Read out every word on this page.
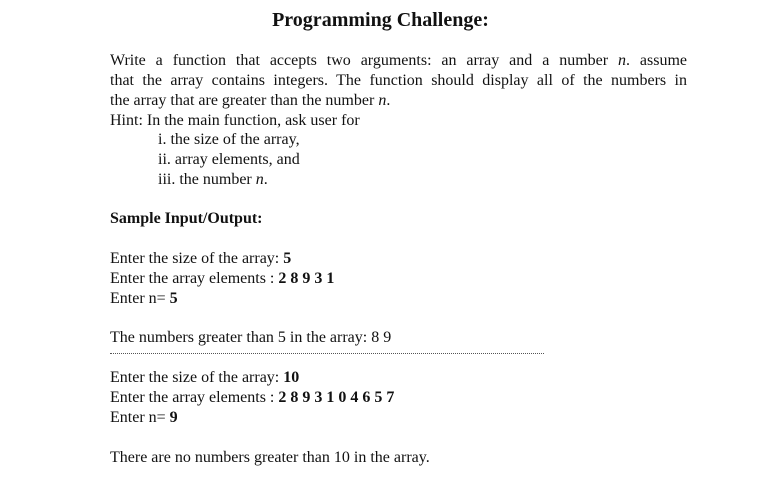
Programming Challenge:
Write a function that accepts two arguments: an array and a number n. assume
that the array contains integers. The function should display all of the numbers in
the array that are greater than the number n.
Hint: In the main function, ask user for
i. the size of the array,
ii. array elements, and
iii. the number n.
Sample Input/Output:
Enter the size of the array: 5
Enter the array elements : 2 8 9 3 1
Enter n= 5
The numbers greater than 5 in the array: 8 9
Enter the size of the array: 10
Enter the array elements : 2 8 9 3 1 0 4 6 5 7
Enter n= 9
There are no numbers greater than 10 in the array.
